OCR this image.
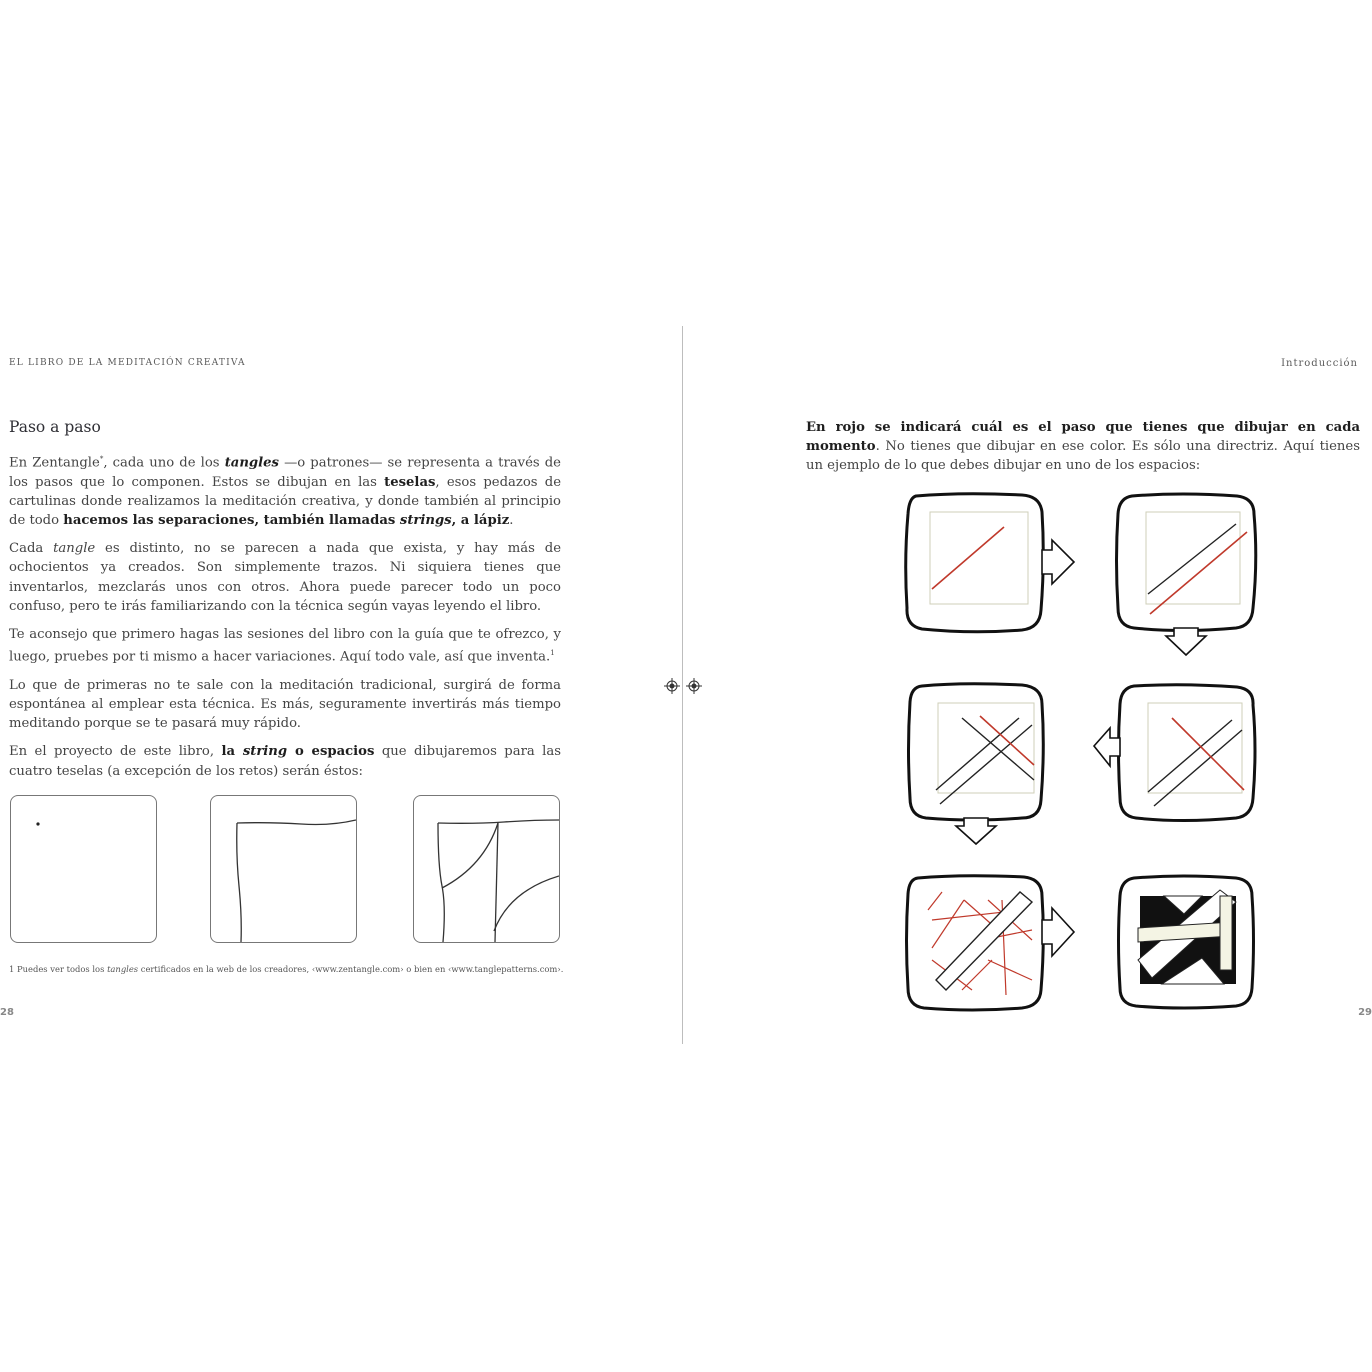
EL LIBRO DE LA MEDITACIÓN CREATIVA
Paso a paso

En Zentangle*, cada uno de los tangles —o patrones— se representa a través de los pasos que lo componen. Estos se dibujan en las teselas, esos pedazos de cartulinas donde realizamos la meditación creativa, y donde también al principio de todo hacemos las separaciones, también llamadas strings, a lápiz.

Cada tangle es distinto, no se parecen a nada que exista, y hay más de ochocientos ya creados. Son simplemente trazos. Ni siquiera tienes que inventarlos, mezclarás unos con otros. Ahora puede parecer todo un poco confuso, pero te irás familiarizando con la técnica según vayas leyendo el libro.

Te aconsejo que primero hagas las sesiones del libro con la guía que te ofrezco, y luego, pruebes por ti mismo a hacer variaciones. Aquí todo vale, así que inventa.$^1$

Lo que de primeras no te sale con la meditación tradicional, surgirá de forma espontánea al emplear esta técnica. Es más, seguramente invertirás más tiempo meditando porque se te pasará muy rápido.

En el proyecto de este libro, la string o espacios que dibujaremos para las cuatro teselas (a excepción de los retos) serán éstos:

1 Puedes ver todos los tangles certificados en la web de los creadores, ‹www.zentangle.com› o bien en ‹www.tanglepatterns.com›.
28
Introducción

En rojo se indicará cuál es el paso que tienes que dibujar en cada momento. No tienes que dibujar en ese color. Es sólo una directriz. Aquí tienes un ejemplo de lo que debes dibujar en uno de los espacios:

29
